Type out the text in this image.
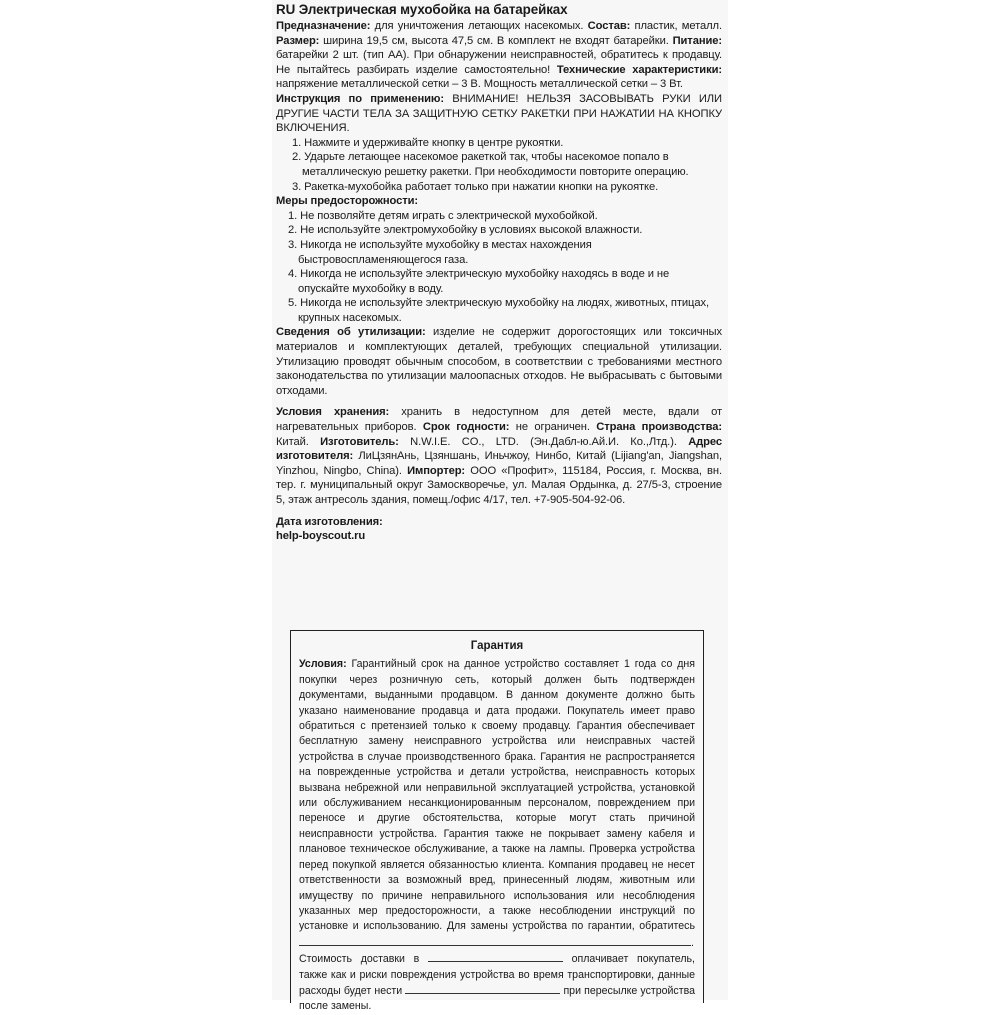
RU Электрическая мухобойка на батарейках

Предназначение: для уничтожения летающих насекомых. Состав: пластик, металл. Размер: ширина 19,5 см, высота 47,5 см. В комплект не входят батарейки. Питание: батарейки 2 шт. (тип АА). При обнаружении неисправностей, обратитесь к продавцу. Не пытайтесь разбирать изделие самостоятельно! Технические характеристики: напряжение металлической сетки – 3 В. Мощность металлической сетки – 3 Вт.

Инструкция по применению: ВНИМАНИЕ! НЕЛЬЗЯ ЗАСОВЫВАТЬ РУКИ ИЛИ ДРУГИЕ ЧАСТИ ТЕЛА ЗА ЗАЩИТНУЮ СЕТКУ РАКЕТКИ ПРИ НАЖАТИИ НА КНОПКУ ВКЛЮЧЕНИЯ.

1. Нажмите и удерживайте кнопку в центре рукоятки.
2. Ударьте летающее насекомое ракеткой так, чтобы насекомое попало в металлическую решетку ракетки. При необходимости повторите операцию.
3. Ракетка-мухобойка работает только при нажатии кнопки на рукоятке.
Меры предосторожности:
1. Не позволяйте детям играть с электрической мухобойкой.
2. Не используйте электромухобойку в условиях высокой влажности.
3. Никогда не используйте мухобойку в местах нахождения быстровоспламеняющегося газа.
4. Никогда не используйте электрическую мухобойку находясь в воде и не опускайте мухобойку в воду.
5. Никогда не используйте электрическую мухобойку на людях, животных, птицах, крупных насекомых.

Сведения об утилизации: изделие не содержит дорогостоящих или токсичных материалов и комплектующих деталей, требующих специальной утилизации. Утилизацию проводят обычным способом, в соответствии с требованиями местного законодательства по утилизации малоопасных отходов. Не выбрасывать с бытовыми отходами.

Условия хранения: хранить в недоступном для детей месте, вдали от нагревательных приборов. Срок годности: не ограничен. Страна производства: Китай. Изготовитель: N.W.I.E. CO., LTD. (Эн.Дабл-ю.Ай.И. Ко.,Лтд.). Адрес изготовителя: ЛиЦзянАнь, Цзяншань, Иньчжоу, Нинбо, Китай (Lijiang'an, Jiangshan, Yinzhou, Ningbo, China). Импортер: ООО «Профит», 115184, Россия, г. Москва, вн. тер. г. муниципальный округ Замоскворечье, ул. Малая Ордынка, д. 27/5-3, строение 5, этаж антресоль здания, помещ./офис 4/17, тел. +7-905-504-92-06.

Дата изготовления:
help-boyscout.ru
Гарантия

Условия: Гарантийный срок на данное устройство составляет 1 года со дня покупки через розничную сеть, который должен быть подтвержден документами, выданными продавцом. В данном документе должно быть указано наименование продавца и дата продажи. Покупатель имеет право обратиться с претензией только к своему продавцу. Гарантия обеспечивает бесплатную замену неисправного устройства или неисправных частей устройства в случае производственного брака. Гарантия не распространяется на поврежденные устройства и детали устройства, неисправность которых вызвана небрежной или неправильной эксплуатацией устройства, установкой или обслуживанием несанкционированным персоналом, повреждением при переносе и другие обстоятельства, которые могут стать причиной неисправности устройства. Гарантия также не покрывает замену кабеля и плановое техническое обслуживание, а также на лампы. Проверка устройства перед покупкой является обязанностью клиента. Компания продавец не несет ответственности за возможный вред, принесенный людям, животным или имуществу по причине неправильного использования или несоблюдения указанных мер предосторожности, а также несоблюдении инструкций по установке и использованию. Для замены устройства по гарантии, обратитесь . Стоимость доставки в	оплачивает покупатель, также как и риски повреждения устройства во время транспортировки, данные расходы будет нести	при пересылке устройства после замены.
